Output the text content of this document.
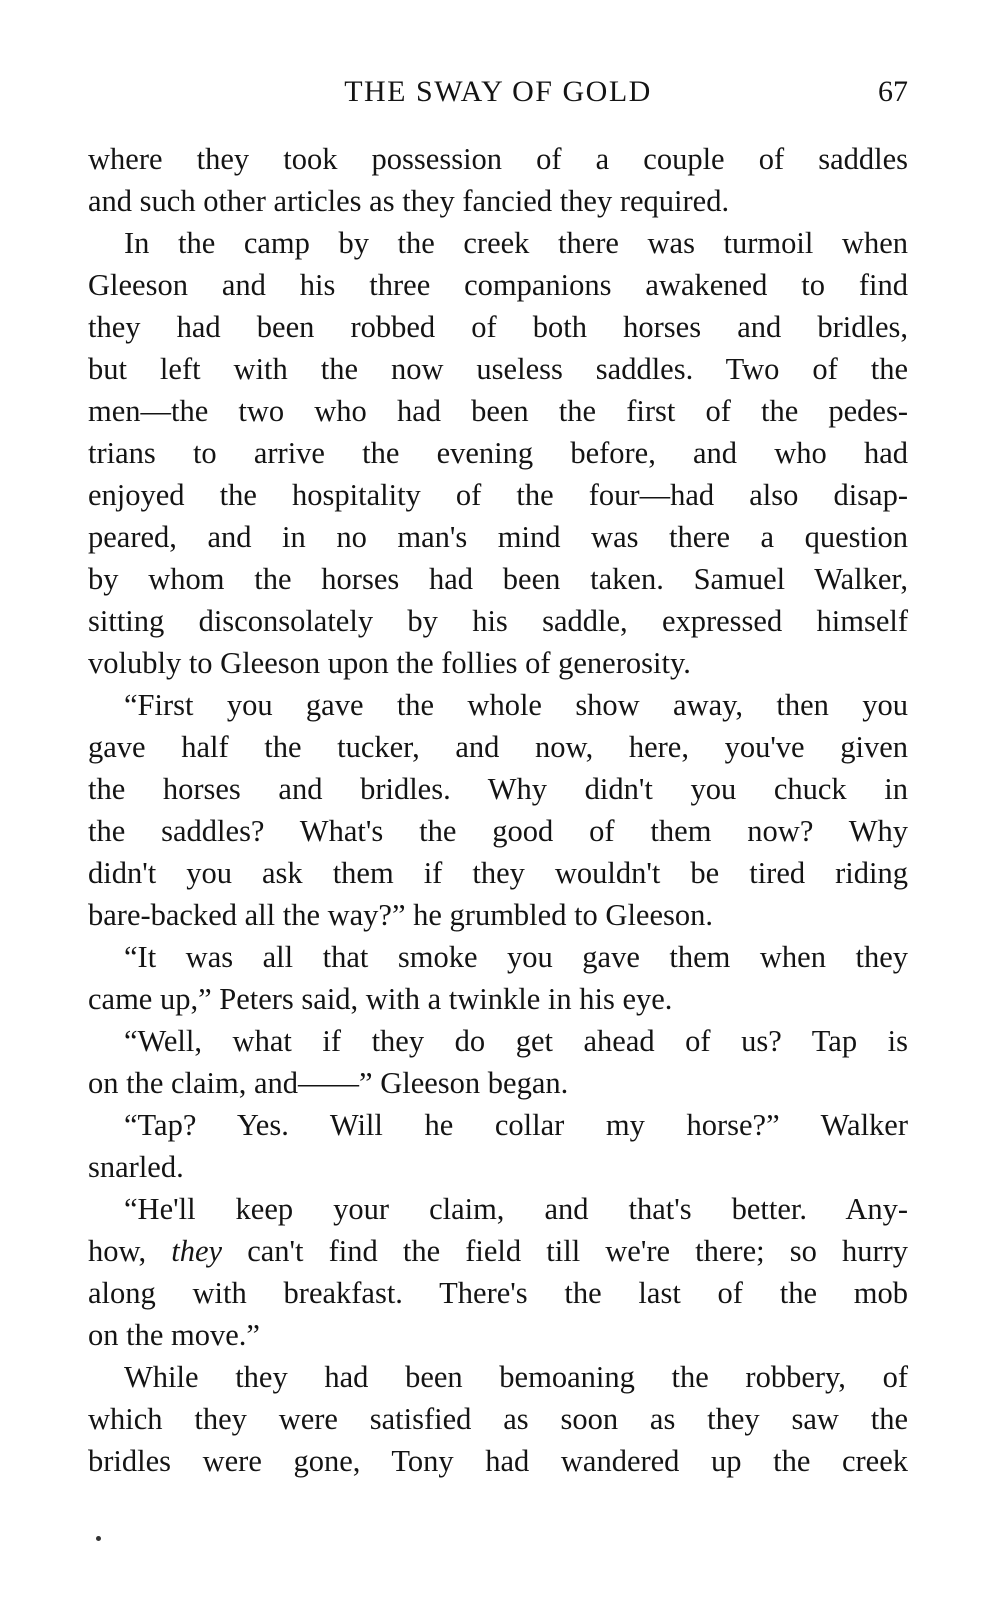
THE SWAY OF GOLD	67
where they took possession of a couple of saddles
and such other articles as they fancied they required.
In the camp by the creek there was turmoil when
Gleeson and his three companions awakened to find
they had been robbed of both horses and bridles,
but left with the now useless saddles. Two of the
men—the two who had been the first of the pedes-
trians to arrive the evening before, and who had
enjoyed the hospitality of the four—had also disap-
peared, and in no man's mind was there a question
by whom the horses had been taken. Samuel Walker,
sitting disconsolately by his saddle, expressed himself
volubly to Gleeson upon the follies of generosity.
“First you gave the whole show away, then you
gave half the tucker, and now, here, you've given
the horses and bridles. Why didn't you chuck in
the saddles? What's the good of them now? Why
didn't you ask them if they wouldn't be tired riding
bare-backed all the way?” he grumbled to Gleeson.
“It was all that smoke you gave them when they
came up,” Peters said, with a twinkle in his eye.
“Well, what if they do get ahead of us? Tap is
on the claim, and——” Gleeson began.
“Tap? Yes. Will he collar my horse?” Walker
snarled.
“He'll keep your claim, and that's better. Any-
how, they can't find the field till we're there; so hurry
along with breakfast. There's the last of the mob
on the move.”
While they had been bemoaning the robbery, of
which they were satisfied as soon as they saw the
bridles were gone, Tony had wandered up the creek
